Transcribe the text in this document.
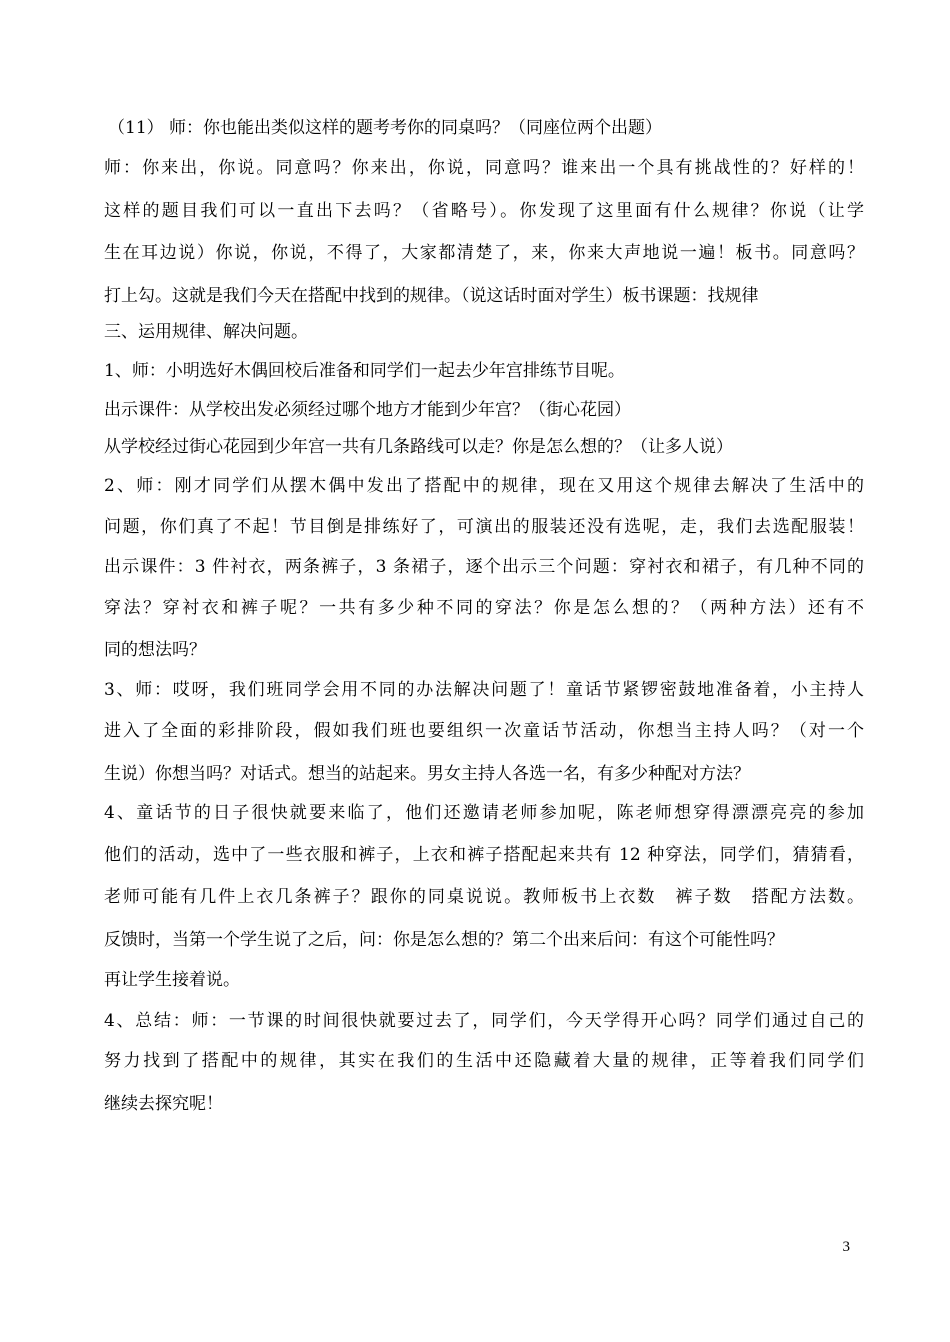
（11） 师：你也能出类似这样的题考考你的同桌吗？（同座位两个出题）
师：你来出，你说。同意吗？你来出，你说，同意吗？谁来出一个具有挑战性的？好样的！
这样的题目我们可以一直出下去吗？（省略号）。你发现了这里面有什么规律？你说（让学
生在耳边说）你说，你说，不得了，大家都清楚了，来，你来大声地说一遍！板书。同意吗？
打上勾。这就是我们今天在搭配中找到的规律。（说这话时面对学生）板书课题：找规律
三、运用规律、解决问题。
1、师：小明选好木偶回校后准备和同学们一起去少年宫排练节目呢。
出示课件：从学校出发必须经过哪个地方才能到少年宫？（街心花园）
从学校经过街心花园到少年宫一共有几条路线可以走？你是怎么想的？（让多人说）
2、师：刚才同学们从摆木偶中发出了搭配中的规律，现在又用这个规律去解决了生活中的
问题，你们真了不起！节目倒是排练好了，可演出的服装还没有选呢，走，我们去选配服装！
出示课件：3 件衬衣，两条裤子，3 条裙子，逐个出示三个问题：穿衬衣和裙子，有几种不同的
穿法？穿衬衣和裤子呢？一共有多少种不同的穿法？你是怎么想的？（两种方法）还有不
同的想法吗？
3、师：哎呀，我们班同学会用不同的办法解决问题了！童话节紧锣密鼓地准备着，小主持人
进入了全面的彩排阶段，假如我们班也要组织一次童话节活动，你想当主持人吗？（对一个
生说）你想当吗？对话式。想当的站起来。男女主持人各选一名，有多少种配对方法？
4、童话节的日子很快就要来临了，他们还邀请老师参加呢，陈老师想穿得漂漂亮亮的参加
他们的活动，选中了一些衣服和裤子，上衣和裤子搭配起来共有 12 种穿法，同学们，猜猜看，
老师可能有几件上衣几条裤子？跟你的同桌说说。教师板书上衣数　裤子数　搭配方法数。
反馈时，当第一个学生说了之后，问：你是怎么想的？第二个出来后问：有这个可能性吗？
再让学生接着说。
4、总结：师：一节课的时间很快就要过去了，同学们，今天学得开心吗？同学们通过自己的
努力找到了搭配中的规律，其实在我们的生活中还隐藏着大量的规律，正等着我们同学们
继续去探究呢！
3
